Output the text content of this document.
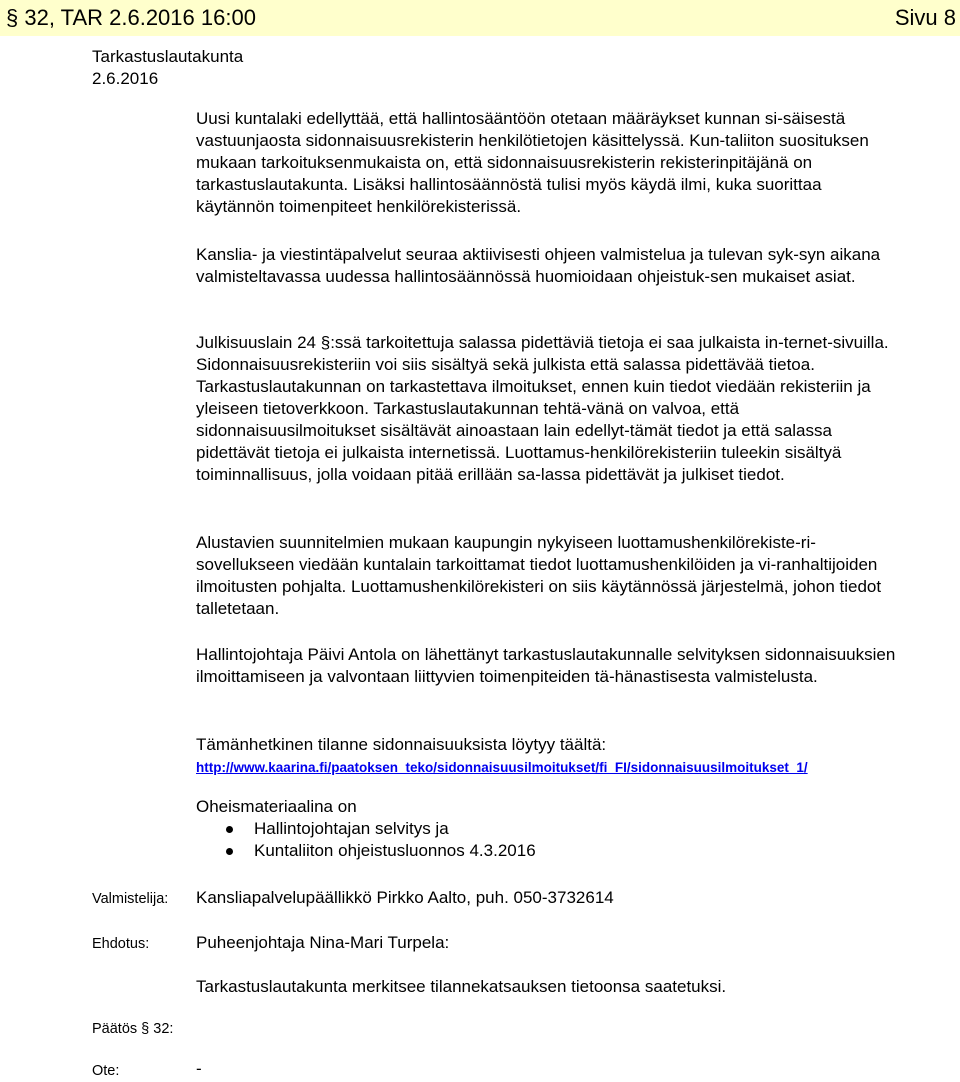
§ 32, TAR 2.6.2016 16:00	Sivu 8
Tarkastuslautakunta
2.6.2016

Uusi kuntalaki edellyttää, että hallintosääntöön otetaan määräykset kunnan si-säisestä vastuunjaosta sidonnaisuusrekisterin henkilötietojen käsittelyssä. Kun-taliiton suosituksen mukaan tarkoituksenmukaista on, että sidonnaisuusrekisterin rekisterinpitäjänä on tarkastuslautakunta. Lisäksi hallintosäännöstä tulisi myös käydä ilmi, kuka suorittaa käytännön toimenpiteet henkilörekisterissä.

Kanslia- ja viestintäpalvelut seuraa aktiivisesti ohjeen valmistelua ja tulevan syk-syn aikana valmisteltavassa uudessa hallintosäännössä huomioidaan ohjeistuk-sen mukaiset asiat.

Julkisuuslain 24 §:ssä tarkoitettuja salassa pidettäviä tietoja ei saa julkaista in-ternet-sivuilla. Sidonnaisuusrekisteriin voi siis sisältyä sekä julkista että salassa pidettävää tietoa. Tarkastuslautakunnan on tarkastettava ilmoitukset, ennen kuin tiedot viedään rekisteriin ja yleiseen tietoverkkoon. Tarkastuslautakunnan tehtä-vänä on valvoa, että sidonnaisuusilmoitukset sisältävät ainoastaan lain edellyt-tämät tiedot ja että salassa pidettävät tietoja ei julkaista internetissä. Luottamus-henkilörekisteriin tuleekin sisältyä toiminnallisuus, jolla voidaan pitää erillään sa-lassa pidettävät ja julkiset tiedot.

Alustavien suunnitelmien mukaan kaupungin nykyiseen luottamushenkilörekiste-ri-sovellukseen viedään kuntalain tarkoittamat tiedot luottamushenkilöiden ja vi-ranhaltijoiden ilmoitusten pohjalta. Luottamushenkilörekisteri on siis käytännössä järjestelmä, johon tiedot talletetaan.

Hallintojohtaja Päivi Antola on lähettänyt tarkastuslautakunnalle selvityksen sidonnaisuuksien ilmoittamiseen ja valvontaan liittyvien toimenpiteiden tä-hänastisesta valmistelusta.

Tämänhetkinen tilanne sidonnaisuuksista löytyy täältä:

http://www.kaarina.fi/paatoksen_teko/sidonnaisuusilmoitukset/fi_FI/sidonnaisuusilmoitukset_1/

Oheismateriaalina on

Hallintojohtajan selvitys ja
Kuntaliiton ohjeistusluonnos 4.3.2016
Valmistelija: Kansliapalvelupäällikkö Pirkko Aalto, puh. 050-3732614
Ehdotus:	Puheenjohtaja Nina-Mari Turpela:
Tarkastuslautakunta merkitsee tilannekatsauksen tietoonsa saatetuksi.
Päätös § 32:
Ote:	-
